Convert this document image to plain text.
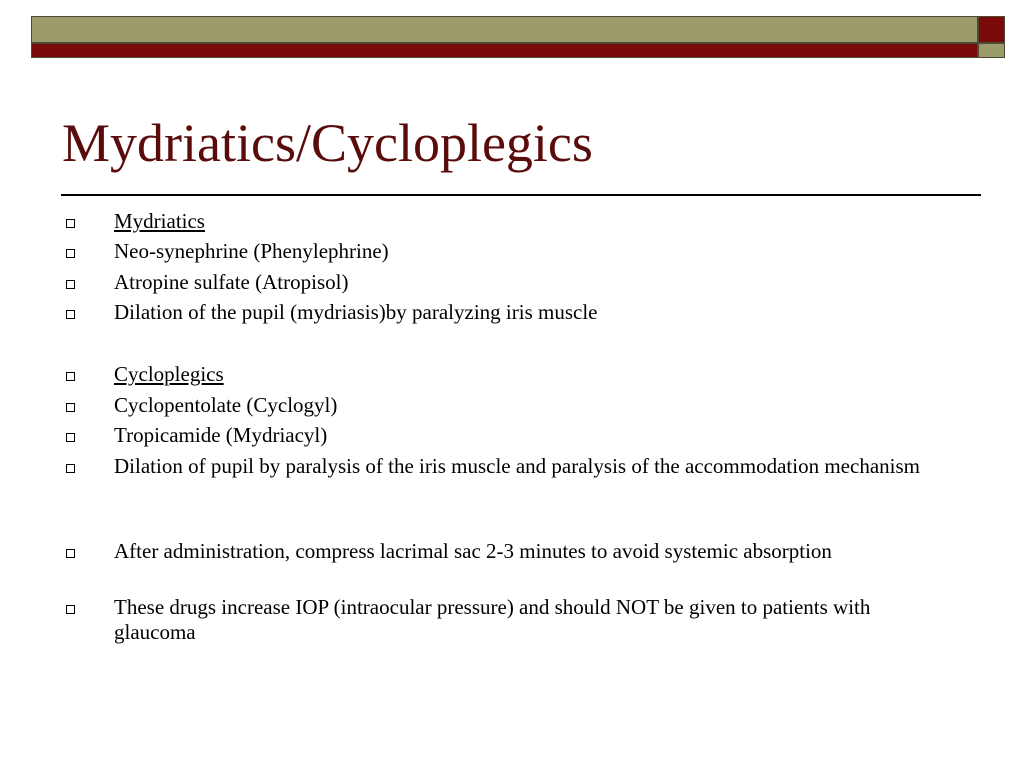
Mydriatics/Cycloplegics
Mydriatics
Neo-synephrine (Phenylephrine)
Atropine sulfate (Atropisol)
Dilation of the pupil (mydriasis)by paralyzing iris muscle
Cycloplegics
Cyclopentolate (Cyclogyl)
Tropicamide (Mydriacyl)
Dilation of pupil by paralysis of the iris muscle and paralysis of the accommodation mechanism
After administration, compress lacrimal sac 2-3 minutes to avoid systemic absorption
These drugs increase IOP (intraocular pressure) and should NOT be given to patients with glaucoma
